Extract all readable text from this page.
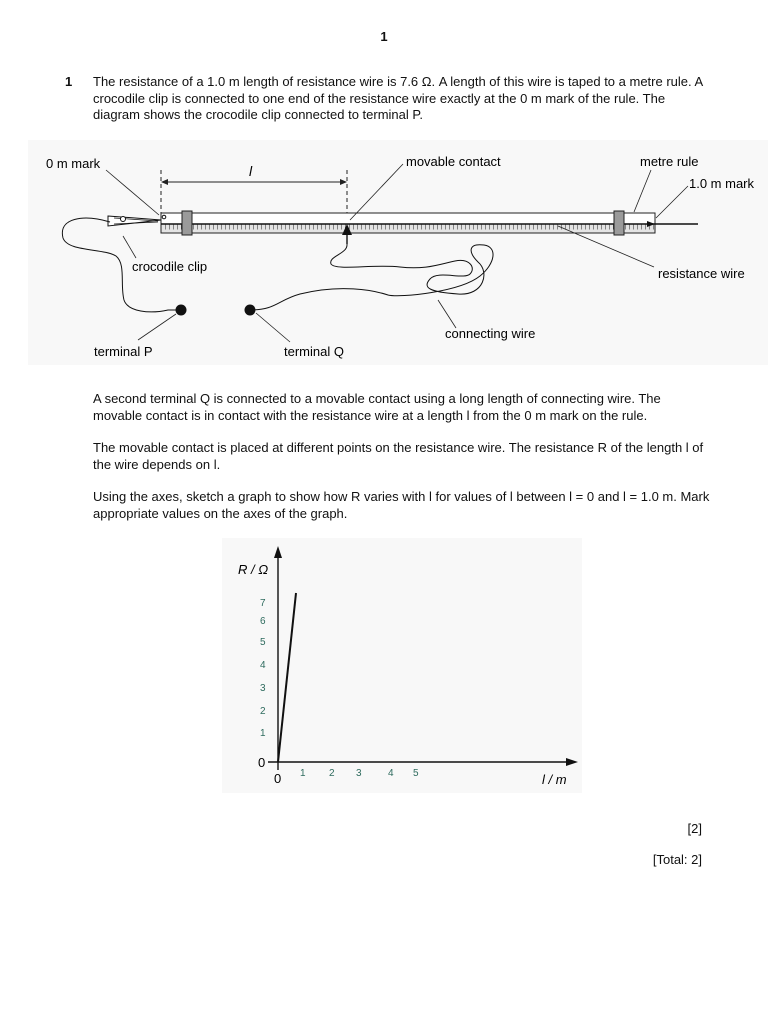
1
1 The resistance of a 1.0 m length of resistance wire is 7.6 Ω. A length of this wire is taped to a metre rule. A crocodile clip is connected to one end of the resistance wire exactly at the 0 m mark of the rule. The diagram shows the crocodile clip connected to terminal P.
0 m mark	l
movable contact	metre rule
1.0 m mark
crocodile clip	resistance wire
connecting wire
terminal P	terminal Q
A second terminal Q is connected to a movable contact using a long length of connecting wire. The movable contact is in contact with the resistance wire at a length l from the 0 m mark on the rule.
The movable contact is placed at different points on the resistance wire. The resistance R of the length l of the wire depends on l.
Using the axes, sketch a graph to show how R varies with l for values of l between l = 0 and l = 1.0 m. Mark appropriate values on the axes of the graph.
R / Ω
l / m
0
0
1
2
3
4
5
6
7
1 2 3	4 5
[2]
[Total: 2]
